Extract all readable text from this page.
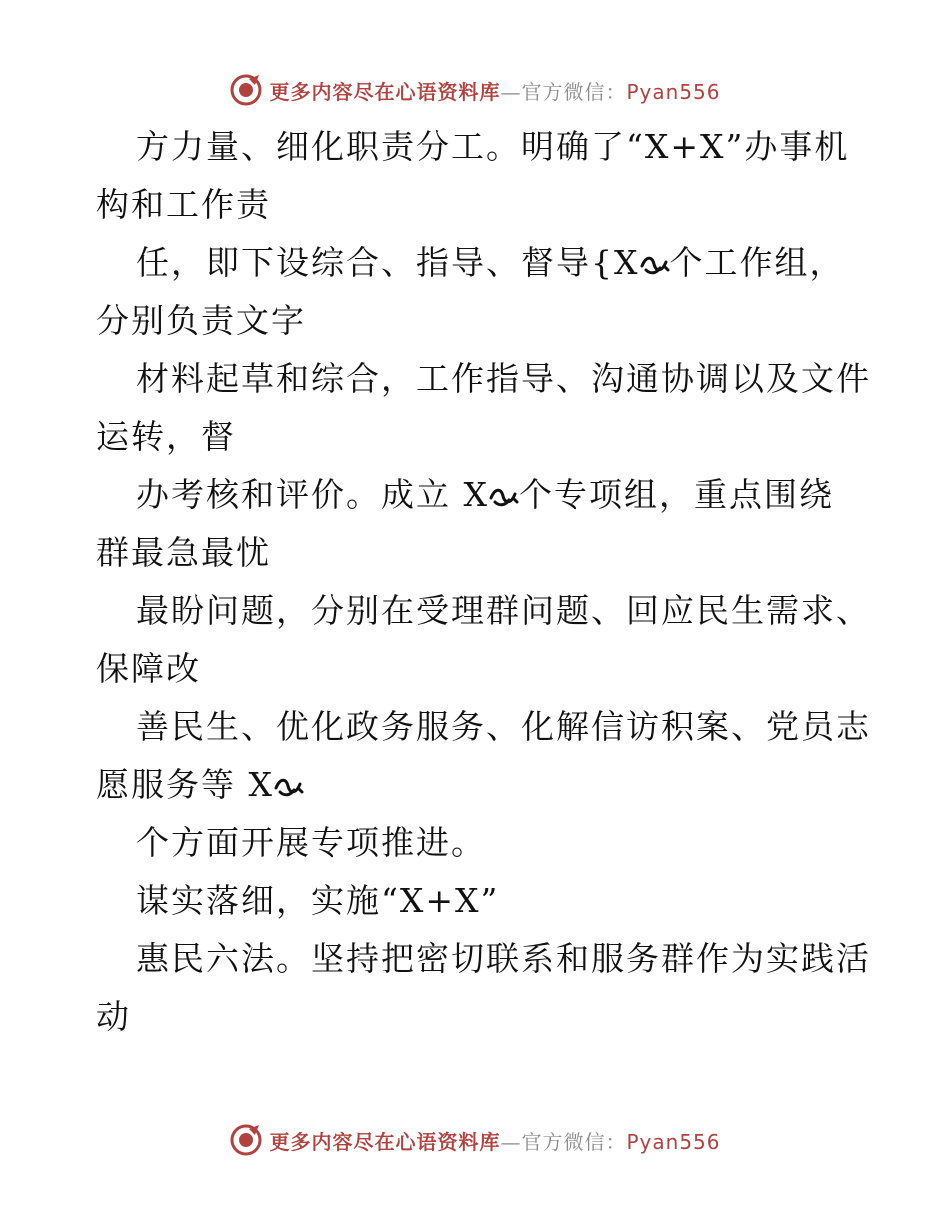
更多内容尽在心语资料库—官方微信：Pyan556
方力量、细化职责分工。明确了“X+X”办事机
构和工作责
任，即下设综合、指导、督导{X 个工作组，
分别负责文字
材料起草和综合，工作指导、沟通协调以及文件
运转，督
办考核和评价。成立 X 个专项组，重点围绕
群最急最忧
最盼问题，分别在受理群问题、回应民生需求、
保障改
善民生、优化政务服务、化解信访积案、党员志
愿服务等 X
个方面开展专项推进。
谋实落细，实施“X+X”
惠民六法。坚持把密切联系和服务群作为实践活
动
更多内容尽在心语资料库—官方微信：Pyan556
